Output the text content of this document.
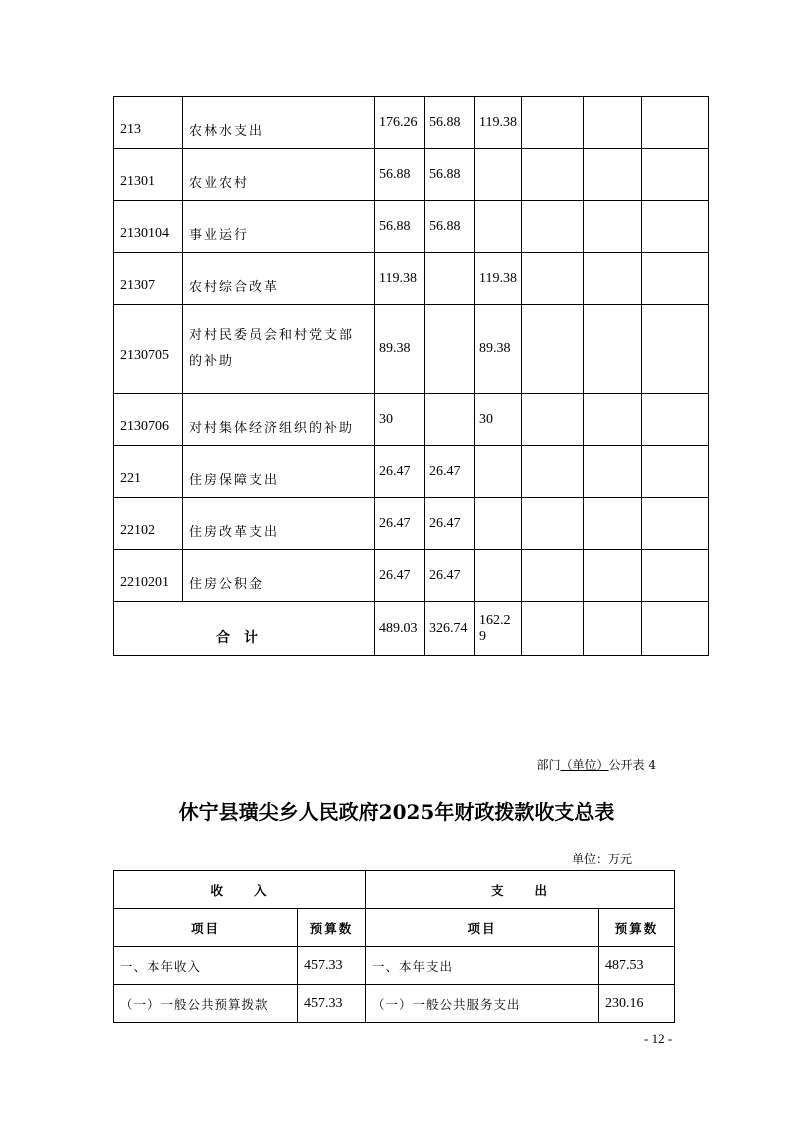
213	农林水支出	176.26	56.88	119.38			
21301	农业农村	56.88	56.88				
2130104	事业运行	56.88	56.88				
21307	农村综合改革	119.38		119.38			
2130705	对村民委员会和村党支部的补助	89.38		89.38			
2130706	对村集体经济组织的补助	30		30			
221	住房保障支出	26.47	26.47				
22102	住房改革支出	26.47	26.47				
2210201	住房公积金	26.47	26.47				
合计		489.03	326.74	162.29			
部门（单位）公开表 4
休宁县璜尖乡人民政府2025年财政拨款收支总表
单位：万元
收　　入		支　　出	
项目	预算数	项目	预算数
一、本年收入	457.33	一、本年支出	487.53
（一）一般公共预算拨款	457.33	（一）一般公共服务支出	230.16
- 12 -
